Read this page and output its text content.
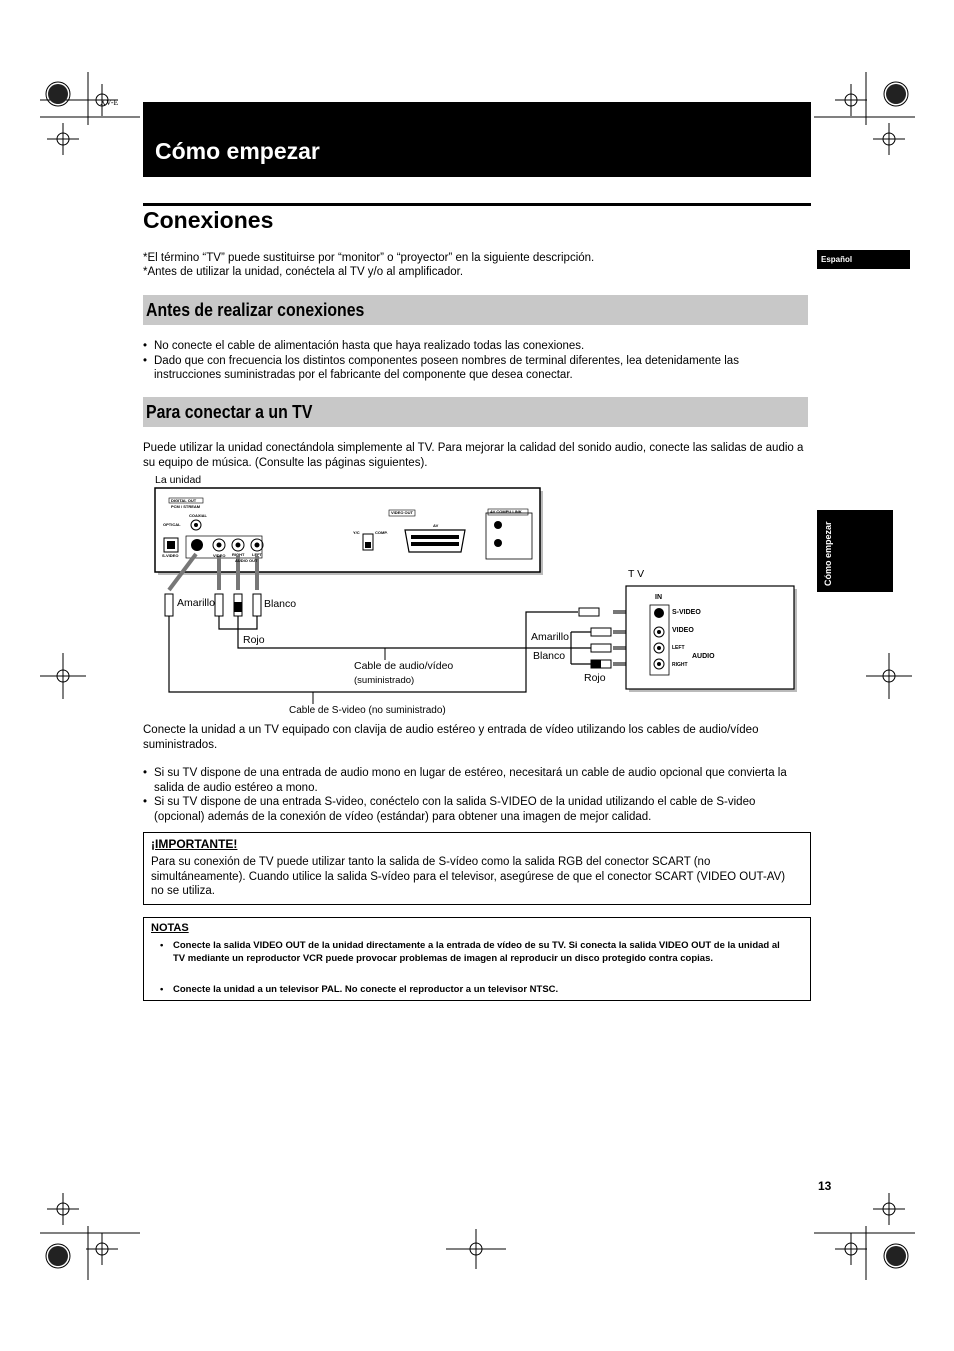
XV-E
Cómo empezar
Conexiones
*El término “TV” puede sustituirse por “monitor” o “proyector” en la siguiente descripción.
*Antes de utilizar la unidad, conéctela al TV y/o al amplificador.
Español
Cómo empezar
Antes de realizar conexiones
• No conecte el cable de alimentación hasta que haya realizado todas las conexiones.
• Dado que con frecuencia los distintos componentes poseen nombres de terminal diferentes, lea detenidamente las instrucciones suministradas por el fabricante del componente que desea conectar.
Para conectar a un TV
Puede utilizar la unidad conectándola simplemente al TV. Para mejorar la calidad del sonido audio, conecte las salidas de audio a su equipo de música. (Consulte las páginas siguientes).
La unidad
T V
DIGITAL OUT
PCM / STREAM
COAXIAL
OPTICAL
S-VIDEO	VIDEO RIGHT LEFT
AUDIO OUT
VIDEO OUT
Y/C	COMP.
AV
AV COMPU LINK
Amarillo	Blanco
Rojo	Amarillo
Blanco
Rojo
Cable de audio/vídeo
(suministrado)
Cable de S-video (no suministrado)
IN
S-VIDEO
VIDEO
LEFT
AUDIO
RIGHT
Conecte la unidad a un TV equipado con clavija de audio estéreo y entrada de vídeo utilizando los cables de audio/vídeo suministrados.
• Si su TV dispone de una entrada de audio mono en lugar de estéreo, necesitará un cable de audio opcional que convierta la salida de audio estéreo a mono.
• Si su TV dispone de una entrada S-video, conéctelo con la salida S-VIDEO de la unidad utilizando el cable de S-video (opcional) además de la conexión de vídeo (estándar) para obtener una imagen de mejor calidad.
¡IMPORTANTE!
Para su conexión de TV puede utilizar tanto la salida de S-vídeo como la salida RGB del conector SCART (no simultáneamente). Cuando utilice la salida S-vídeo para el televisor, asegúrese de que el conector SCART (VIDEO OUT-AV) no se utiliza.
NOTAS
• Conecte la salida VIDEO OUT de la unidad directamente a la entrada de vídeo de su TV. Si conecta la salida VIDEO OUT de la unidad al TV mediante un reproductor VCR puede provocar problemas de imagen al reproducir un disco protegido contra copias.
• Conecte la unidad a un televisor PAL. No conecte el reproductor a un televisor NTSC.
13
